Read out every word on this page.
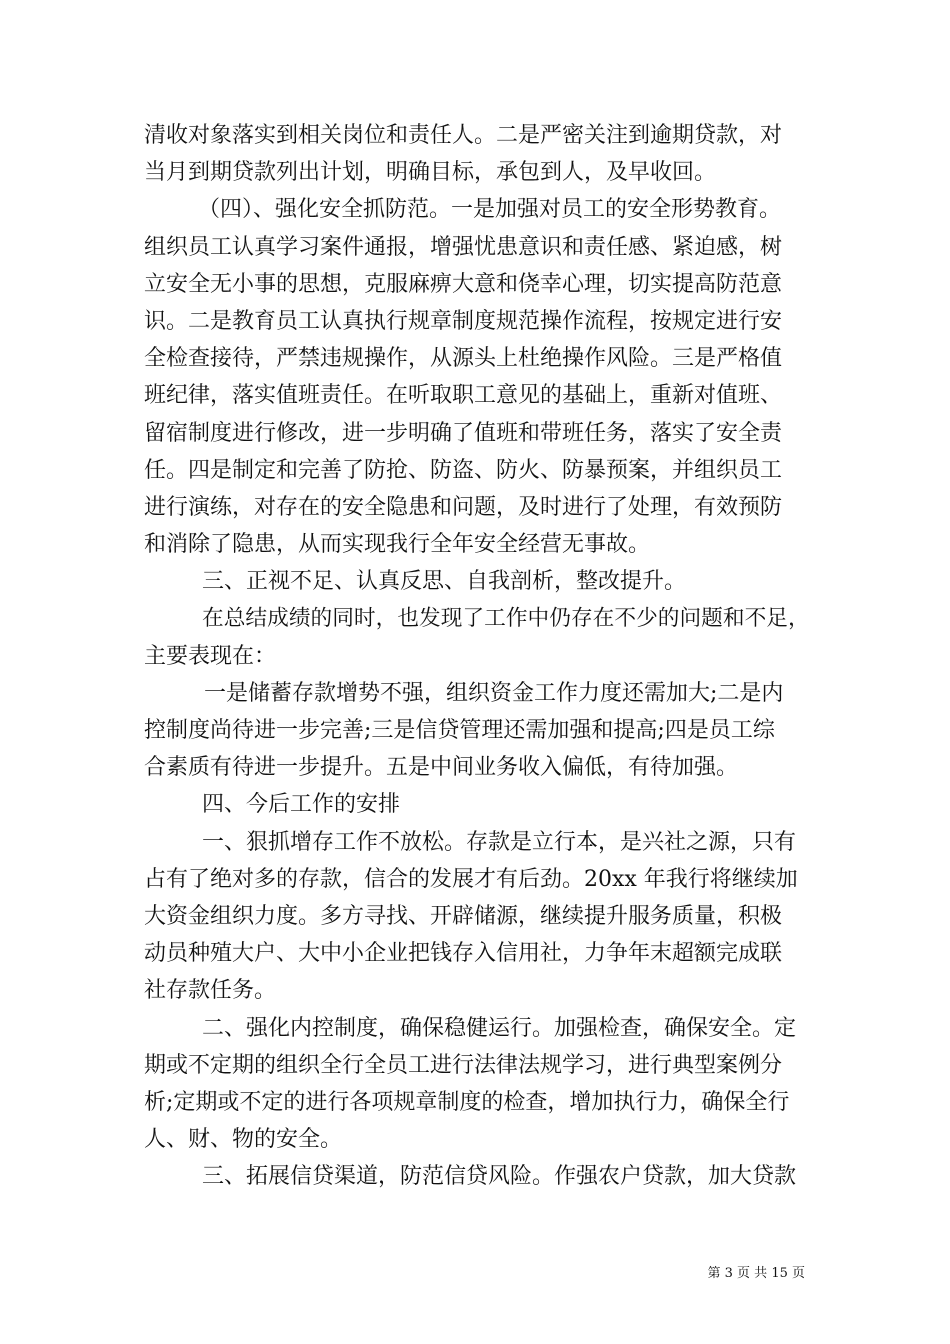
清收对象落实到相关岗位和责任人。二是严密关注到逾期贷款，对
当月到期贷款列出计划，明确目标，承包到人，及早收回。
（四）、强化安全抓防范。一是加强对员工的安全形势教育。
组织员工认真学习案件通报，增强忧患意识和责任感、紧迫感，树
立安全无小事的思想，克服麻痹大意和侥幸心理，切实提高防范意
识。二是教育员工认真执行规章制度规范操作流程，按规定进行安
全检查接待，严禁违规操作，从源头上杜绝操作风险。三是严格值
班纪律，落实值班责任。在听取职工意见的基础上，重新对值班、
留宿制度进行修改，进一步明确了值班和带班任务，落实了安全责
任。四是制定和完善了防抢、防盗、防火、防暴预案，并组织员工
进行演练，对存在的安全隐患和问题，及时进行了处理，有效预防
和消除了隐患，从而实现我行全年安全经营无事故。
三、正视不足、认真反思、自我剖析，整改提升。
在总结成绩的同时，也发现了工作中仍存在不少的问题和不足，
主要表现在：
一是储蓄存款增势不强，组织资金工作力度还需加大;二是内
控制度尚待进一步完善;三是信贷管理还需加强和提高;四是员工综
合素质有待进一步提升。五是中间业务收入偏低，有待加强。
四、今后工作的安排
一、狠抓增存工作不放松。存款是立行本，是兴社之源，只有
占有了绝对多的存款，信合的发展才有后劲。20xx 年我行将继续加
大资金组织力度。多方寻找、开辟储源，继续提升服务质量，积极
动员种殖大户、大中小企业把钱存入信用社，力争年末超额完成联
社存款任务。
二、强化内控制度，确保稳健运行。加强检查，确保安全。定
期或不定期的组织全行全员工进行法律法规学习，进行典型案例分
析;定期或不定的进行各项规章制度的检查，增加执行力，确保全行
人、财、物的安全。
三、拓展信贷渠道，防范信贷风险。作强农户贷款，加大贷款
第 3 页 共 15 页
